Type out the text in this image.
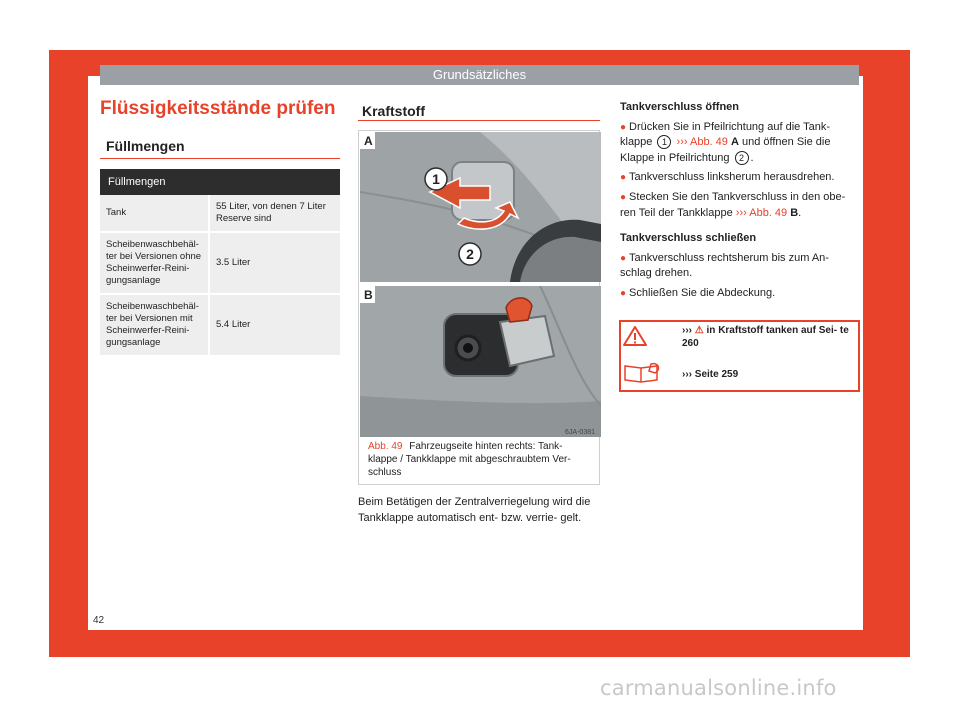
Grundsätzliches
Flüssigkeitsstände prüfen
Füllmengen
Füllmengen	
Tank	55 Liter, von denen 7 Liter Reserve sind
Scheibenwaschbehäl- ter bei Versionen ohne Scheinwerfer-Reini- gungsanlage	3.5 Liter
Scheibenwaschbehäl- ter bei Versionen mit Scheinwerfer-Reini- gungsanlage	5.4 Liter
Kraftstoff
1
2
A
B
6JA-0381
Abb. 49 Fahrzeugseite hinten rechts: Tank- klappe / Tankklappe mit abgeschraubtem Ver- schluss
Beim Betätigen der Zentralverriegelung wird die Tankklappe automatisch ent- bzw. verrie- gelt.

Tankverschluss öffnen

● Drücken Sie in Pfeilrichtung auf die Tank- klappe 1 ››› Abb. 49 A und öffnen Sie die Klappe in Pfeilrichtung 2 .

● Tankverschluss linksherum herausdrehen.

● Stecken Sie den Tankverschluss in den obe- ren Teil der Tankklappe ››› Abb. 49 B.

Tankverschluss schließen

● Tankverschluss rechtsherum bis zum An- schlag drehen.

● Schließen Sie die Abdeckung.

››› ⚠ in Kraftstoff tanken auf Sei- te 260
››› Seite 259
42
carmanualsonline.info
